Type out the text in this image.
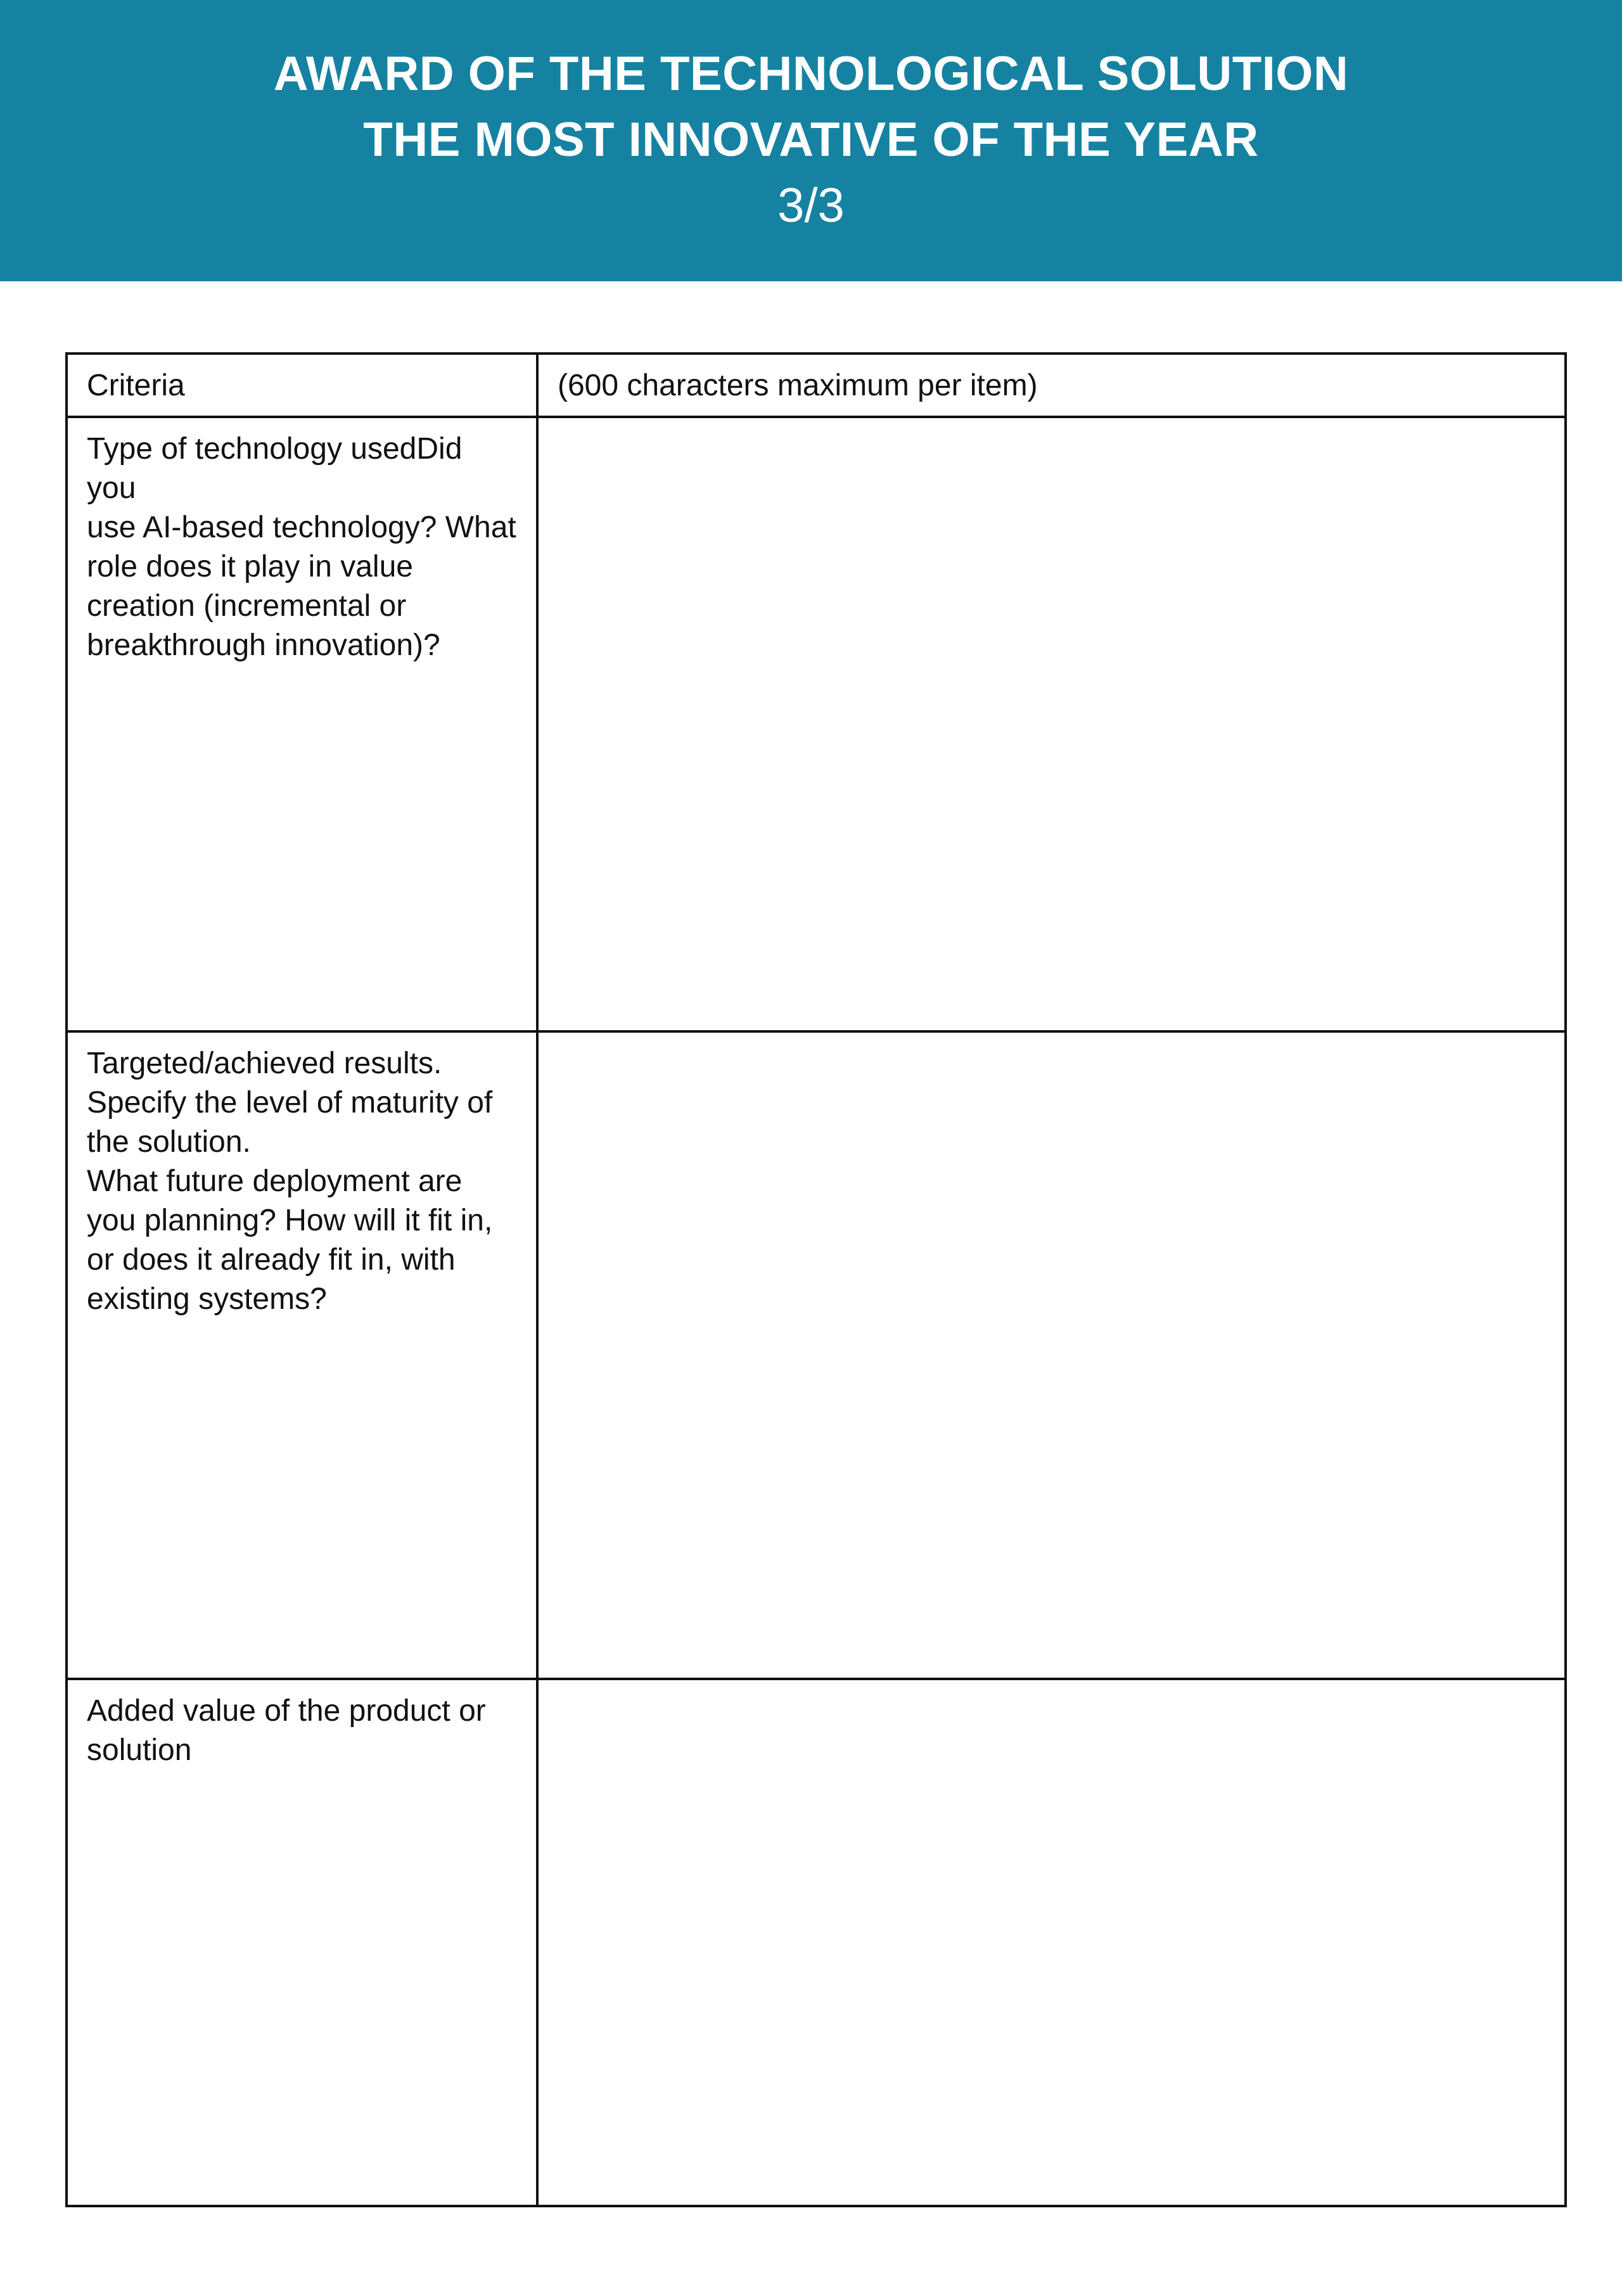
AWARD OF THE TECHNOLOGICAL SOLUTION
THE MOST INNOVATIVE OF THE YEAR
3/3
Criteria	(600 characters maximum per item)
Type of technology usedDid you
use AI-based technology? What
role does it play in value
creation (incremental or
breakthrough innovation)?
Targeted/achieved results.
Specify the level of maturity of
the solution.
What future deployment are
you planning? How will it fit in,
or does it already fit in, with
existing systems?
Added value of the product or
solution
